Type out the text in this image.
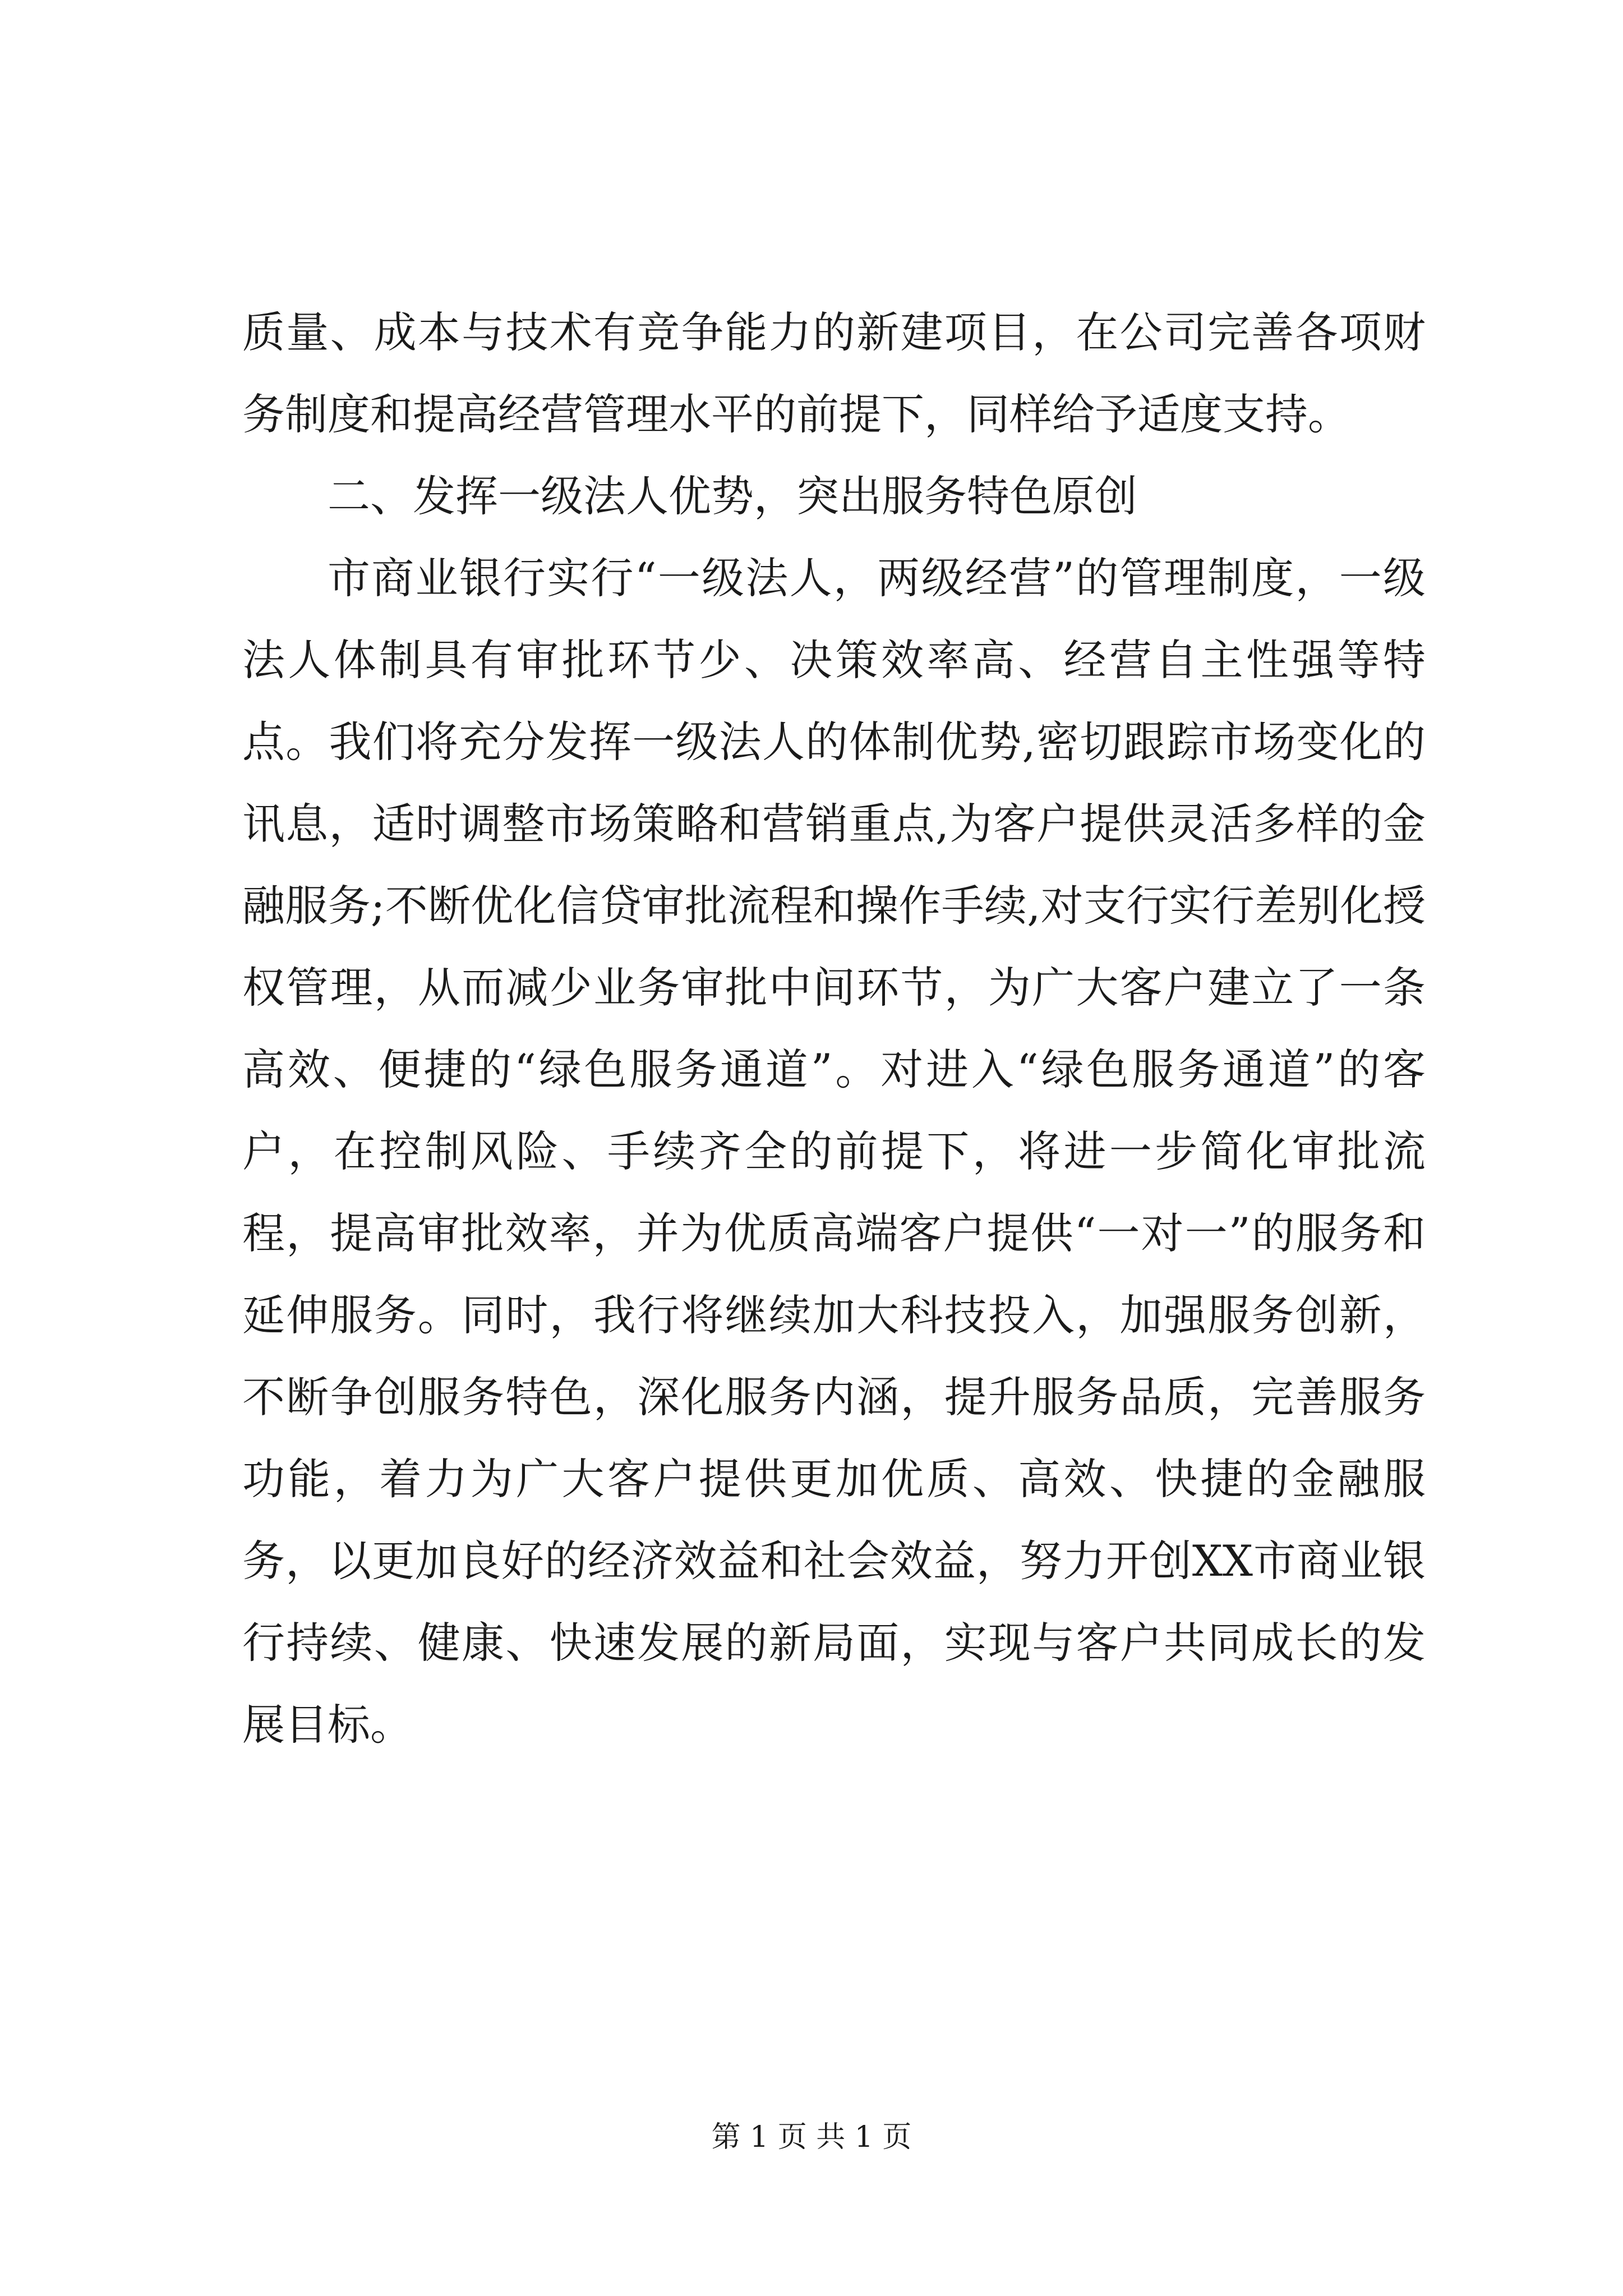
质量、成本与技术有竞争能力的新建项目，在公司完善各项财务制度和提高经营管理水平的前提下，同样给予适度支持。

二、发挥一级法人优势，突出服务特色原创

市商业银行实行“一级法人，两级经营”的管理制度，一级法人体制具有审批环节少、决策效率高、经营自主性强等特点。我们将充分发挥一级法人的体制优势,密切跟踪市场变化的讯息，适时调整市场策略和营销重点,为客户提供灵活多样的金融服务;不断优化信贷审批流程和操作手续,对支行实行差别化授权管理，从而减少业务审批中间环节，为广大客户建立了一条高效、便捷的“绿色服务通道”。对进入“绿色服务通道”的客户，在控制风险、手续齐全的前提下，将进一步简化审批流程，提高审批效率，并为优质高端客户提供“一对一”的服务和延伸服务。同时，我行将继续加大科技投入，加强服务创新，不断争创服务特色，深化服务内涵，提升服务品质，完善服务功能，着力为广大客户提供更加优质、高效、快捷的金融服务，以更加良好的经济效益和社会效益，努力开创XX市商业银行持续、健康、快速发展的新局面，实现与客户共同成长的发展目标。

第 1 页 共 1 页
